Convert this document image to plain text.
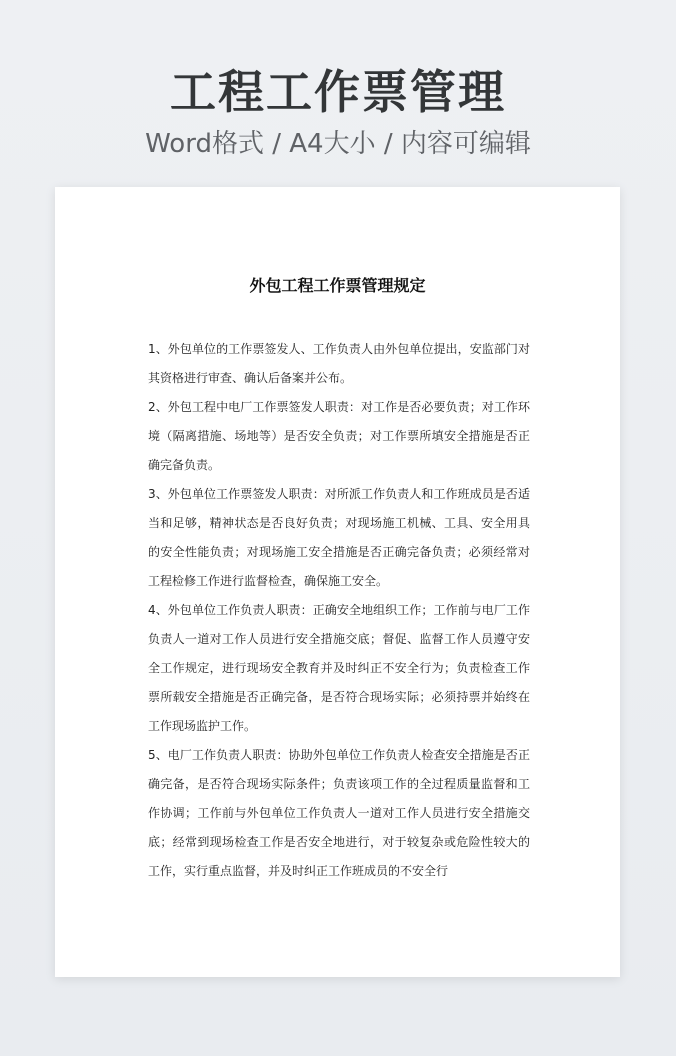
工程工作票管理
Word格式 / A4大小 / 内容可编辑
外包工程工作票管理规定

1、外包单位的工作票签发人、工作负责人由外包单位提出，安监部门对其资格进行审查、确认后备案并公布。

2、外包工程中电厂工作票签发人职责：对工作是否必要负责；对工作环境（隔离措施、场地等）是否安全负责；对工作票所填安全措施是否正确完备负责。

3、外包单位工作票签发人职责：对所派工作负责人和工作班成员是否适当和足够，精神状态是否良好负责；对现场施工机械、工具、安全用具的安全性能负责；对现场施工安全措施是否正确完备负责；必须经常对工程检修工作进行监督检查，确保施工安全。

4、外包单位工作负责人职责：正确安全地组织工作；工作前与电厂工作负责人一道对工作人员进行安全措施交底；督促、监督工作人员遵守安全工作规定，进行现场安全教育并及时纠正不安全行为；负责检查工作票所载安全措施是否正确完备，是否符合现场实际；必须持票并始终在工作现场监护工作。

5、电厂工作负责人职责：协助外包单位工作负责人检查安全措施是否正确完备，是否符合现场实际条件；负责该项工作的全过程质量监督和工作协调；工作前与外包单位工作负责人一道对工作人员进行安全措施交底；经常到现场检查工作是否安全地进行，对于较复杂或危险性较大的工作，实行重点监督，并及时纠正工作班成员的不安全行
